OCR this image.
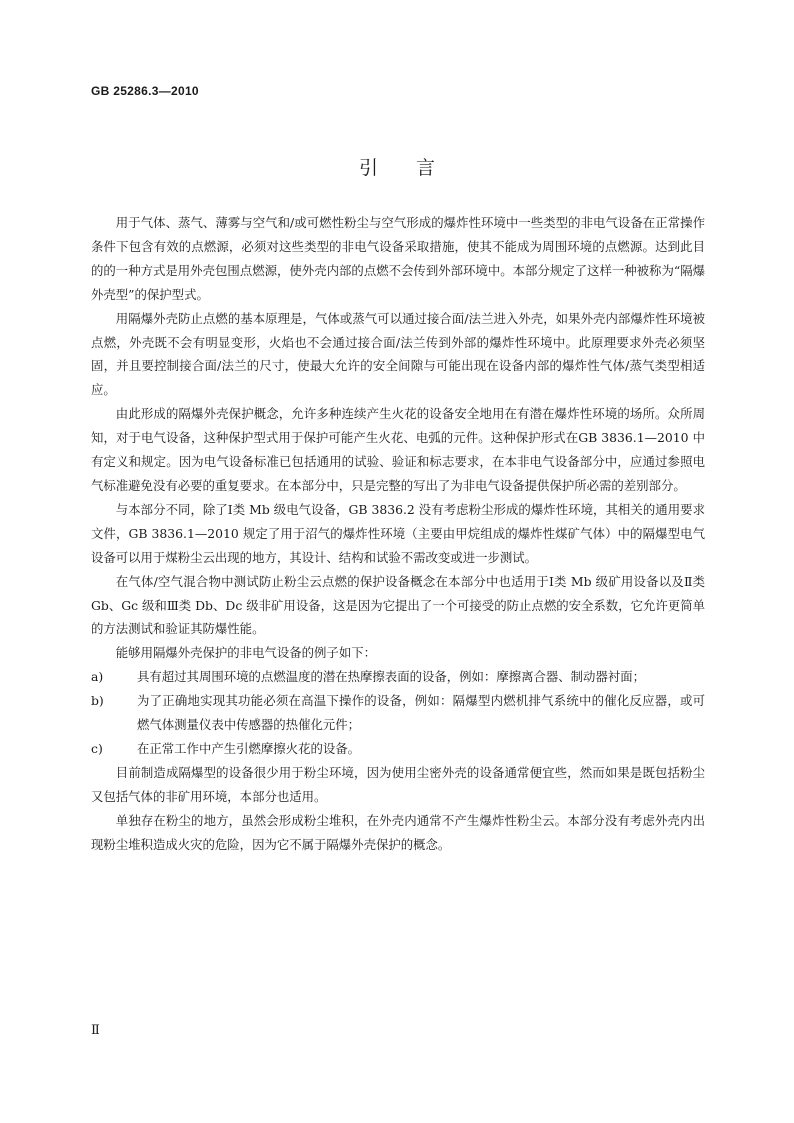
GB 25286.3—2010
引言

用于气体、蒸气、薄雾与空气和/或可燃性粉尘与空气形成的爆炸性环境中一些类型的非电气设备在正常操作条件下包含有效的点燃源，必须对这些类型的非电气设备采取措施，使其不能成为周围环境的点燃源。达到此目的的一种方式是用外壳包围点燃源，使外壳内部的点燃不会传到外部环境中。本部分规定了这样一种被称为“隔爆外壳型”的保护型式。

用隔爆外壳防止点燃的基本原理是，气体或蒸气可以通过接合面/法兰进入外壳，如果外壳内部爆炸性环境被点燃，外壳既不会有明显变形，火焰也不会通过接合面/法兰传到外部的爆炸性环境中。此原理要求外壳必须坚固，并且要控制接合面/法兰的尺寸，使最大允许的安全间隙与可能出现在设备内部的爆炸性气体/蒸气类型相适应。

由此形成的隔爆外壳保护概念，允许多种连续产生火花的设备安全地用在有潜在爆炸性环境的场所。众所周知，对于电气设备，这种保护型式用于保护可能产生火花、电弧的元件。这种保护形式在GB 3836.1—2010 中有定义和规定。因为电气设备标准已包括通用的试验、验证和标志要求，在本非电气设备部分中，应通过参照电气标准避免没有必要的重复要求。在本部分中，只是完整的写出了为非电气设备提供保护所必需的差别部分。

与本部分不同，除了Ⅰ类 Mb 级电气设备，GB 3836.2 没有考虑粉尘形成的爆炸性环境，其相关的通用要求文件，GB 3836.1—2010 规定了用于沼气的爆炸性环境（主要由甲烷组成的爆炸性煤矿气体）中的隔爆型电气设备可以用于煤粉尘云出现的地方，其设计、结构和试验不需改变或进一步测试。

在气体/空气混合物中测试防止粉尘云点燃的保护设备概念在本部分中也适用于Ⅰ类 Mb 级矿用设备以及Ⅱ类 Gb、Gc 级和Ⅲ类 Db、Dc 级非矿用设备，这是因为它提出了一个可接受的防止点燃的安全系数，它允许更简单的方法测试和验证其防爆性能。

能够用隔爆外壳保护的非电气设备的例子如下：

a)	具有超过其周围环境的点燃温度的潜在热摩擦表面的设备，例如：摩擦离合器、制动器衬面；
b)	为了正确地实现其功能必须在高温下操作的设备，例如：隔爆型内燃机排气系统中的催化反应器，或可燃气体测量仪表中传感器的热催化元件；
c)	在正常工作中产生引燃摩擦火花的设备。

目前制造成隔爆型的设备很少用于粉尘环境，因为使用尘密外壳的设备通常便宜些，然而如果是既包括粉尘又包括气体的非矿用环境，本部分也适用。

单独存在粉尘的地方，虽然会形成粉尘堆积，在外壳内通常不产生爆炸性粉尘云。本部分没有考虑外壳内出现粉尘堆积造成火灾的危险，因为它不属于隔爆外壳保护的概念。

Ⅱ
